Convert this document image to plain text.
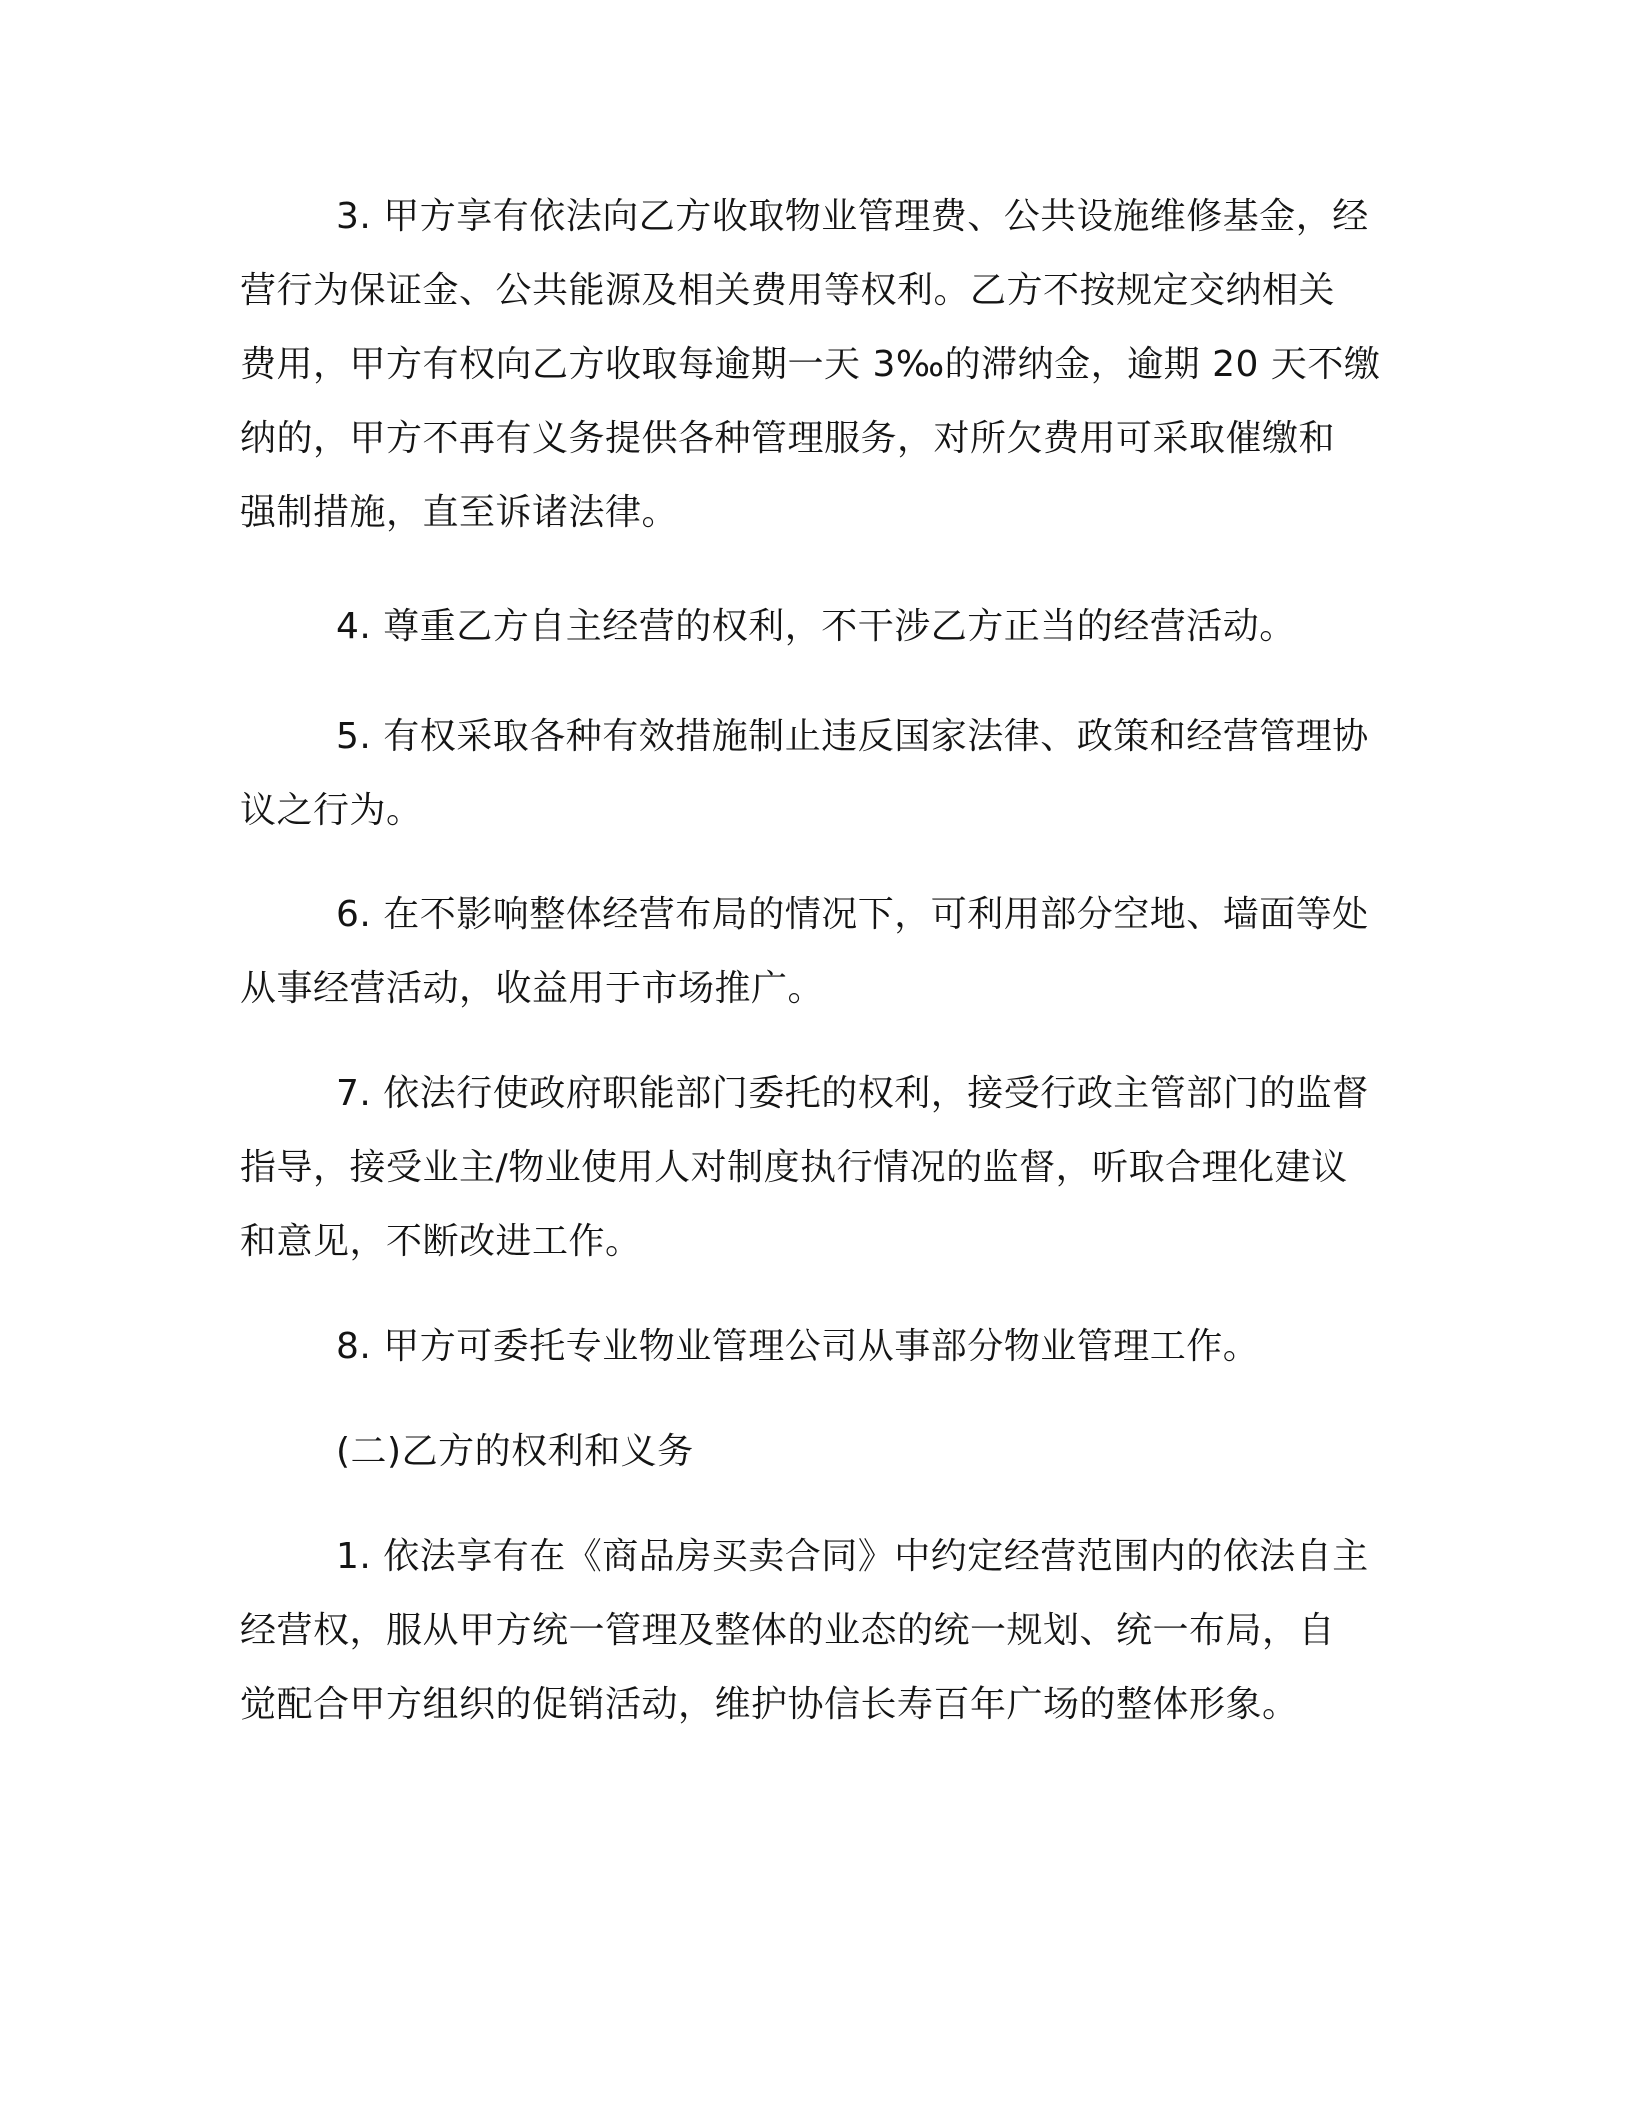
3. 甲方享有依法向乙方收取物业管理费、公共设施维修基金，经
营行为保证金、公共能源及相关费用等权利。乙方不按规定交纳相关
费用，甲方有权向乙方收取每逾期一天 3‰的滞纳金，逾期 20 天不缴
纳的，甲方不再有义务提供各种管理服务，对所欠费用可采取催缴和
强制措施，直至诉诸法律。
4. 尊重乙方自主经营的权利，不干涉乙方正当的经营活动。
5. 有权采取各种有效措施制止违反国家法律、政策和经营管理协
议之行为。
6. 在不影响整体经营布局的情况下，可利用部分空地、墙面等处
从事经营活动，收益用于市场推广。
7. 依法行使政府职能部门委托的权利，接受行政主管部门的监督
指导，接受业主/物业使用人对制度执行情况的监督，听取合理化建议
和意见，不断改进工作。
8. 甲方可委托专业物业管理公司从事部分物业管理工作。
(二)乙方的权利和义务
1. 依法享有在《商品房买卖合同》中约定经营范围内的依法自主
经营权，服从甲方统一管理及整体的业态的统一规划、统一布局，自
觉配合甲方组织的促销活动，维护协信长寿百年广场的整体形象。
